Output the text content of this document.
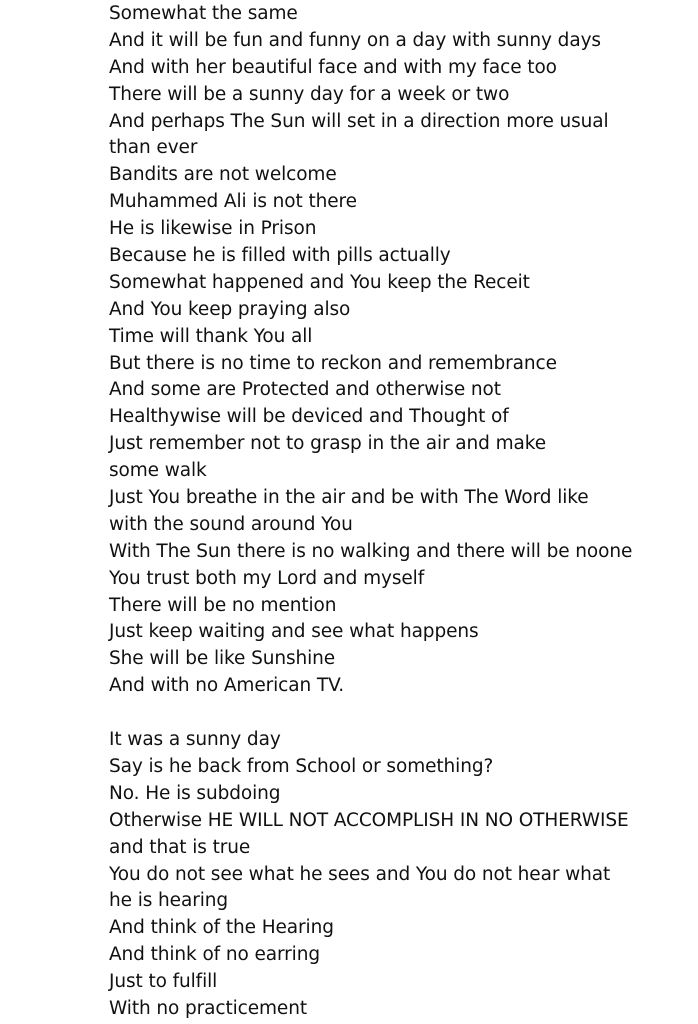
Somewhat the same
And it will be fun and funny on a day with sunny days
And with her beautiful face and with my face too
There will be a sunny day for a week or two
And perhaps The Sun will set in a direction more usual
than ever
Bandits are not welcome
Muhammed Ali is not there
He is likewise in Prison
Because he is filled with pills actually
Somewhat happened and You keep the Receit
And You keep praying also
Time will thank You all
But there is no time to reckon and remembrance
And some are Protected and otherwise not
Healthywise will be deviced and Thought of
Just remember not to grasp in the air and make
some walk
Just You breathe in the air and be with The Word like
with the sound around You
With The Sun there is no walking and there will be noone
You trust both my Lord and myself
There will be no mention
Just keep waiting and see what happens
She will be like Sunshine
And with no American TV.
It was a sunny day
Say is he back from School or something?
No. He is subdoing
Otherwise HE WILL NOT ACCOMPLISH IN NO OTHERWISE
and that is true
You do not see what he sees and You do not hear what
he is hearing
And think of the Hearing
And think of no earring
Just to fulfill
With no practicement
